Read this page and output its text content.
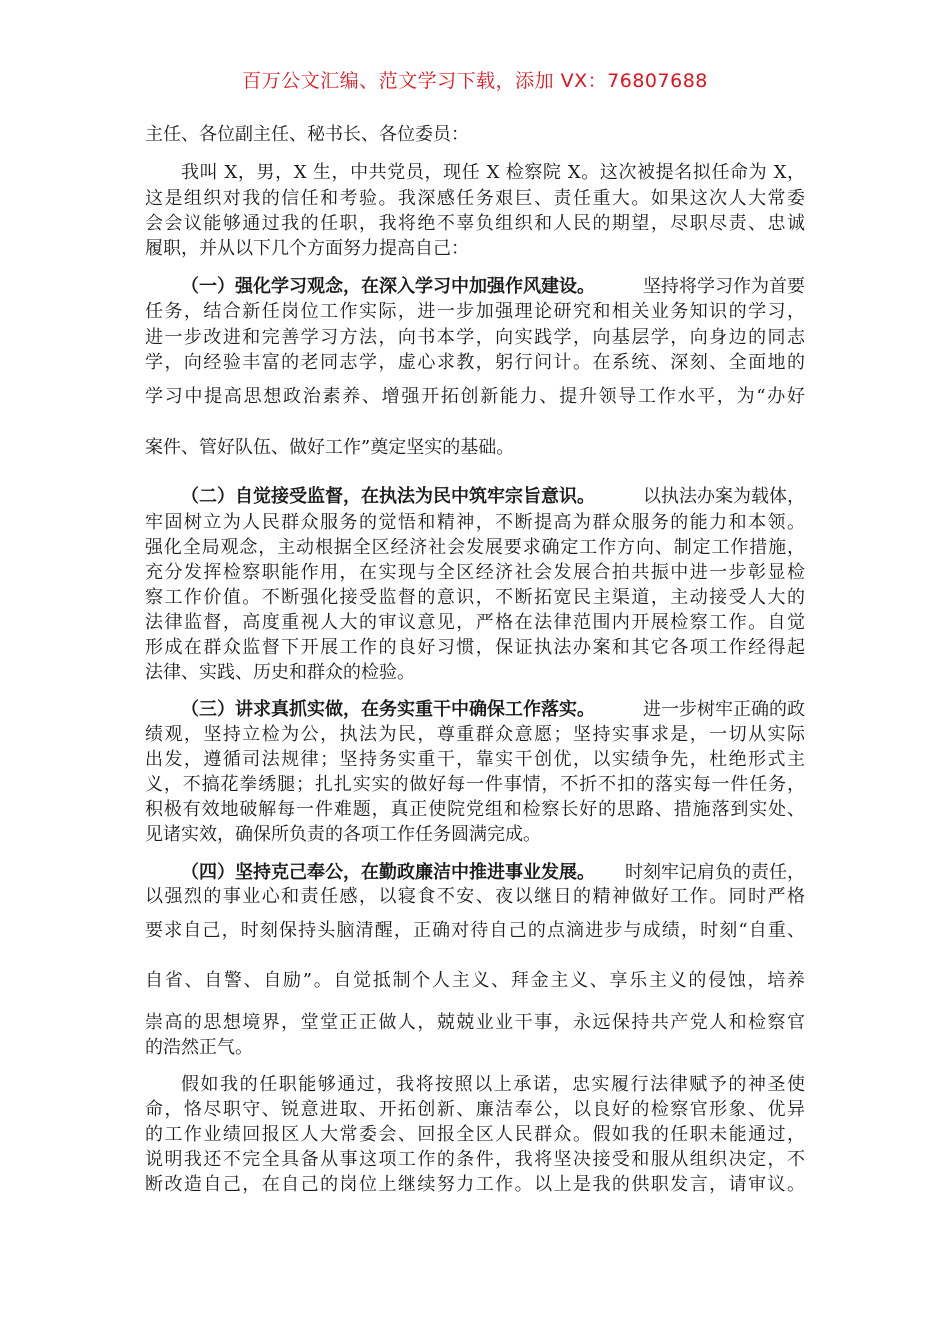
百万公文汇编、范文学习下载，添加 VX：76807688
主任、各位副主任、秘书长、各位委员：
我叫 X，男，X 生，中共党员，现任 X 检察院 X。这次被提名拟任命为 X，
这是组织对我的信任和考验。我深感任务艰巨、责任重大。如果这次人大常委
会会议能够通过我的任职，我将绝不辜负组织和人民的期望，尽职尽责、忠诚
履职，并从以下几个方面努力提高自己：
（一）强化学习观念，在深入学习中加强作风建设。	坚持将学习作为首要
任务，结合新任岗位工作实际，进一步加强理论研究和相关业务知识的学习，
进一步改进和完善学习方法，向书本学，向实践学，向基层学，向身边的同志
学，向经验丰富的老同志学，虚心求教，躬行问计。在系统、深刻、全面地的
学习中提高思想政治素养、增强开拓创新能力、提升领导工作水平，为“办好
案件、管好队伍、做好工作”奠定坚实的基础。
（二）自觉接受监督，在执法为民中筑牢宗旨意识。	以执法办案为载体，
牢固树立为人民群众服务的觉悟和精神，不断提高为群众服务的能力和本领。
强化全局观念，主动根据全区经济社会发展要求确定工作方向、制定工作措施，
充分发挥检察职能作用，在实现与全区经济社会发展合拍共振中进一步彰显检
察工作价值。不断强化接受监督的意识，不断拓宽民主渠道，主动接受人大的
法律监督，高度重视人大的审议意见，严格在法律范围内开展检察工作。自觉
形成在群众监督下开展工作的良好习惯，保证执法办案和其它各项工作经得起
法律、实践、历史和群众的检验。
（三）讲求真抓实做，在务实重干中确保工作落实。	进一步树牢正确的政
绩观，坚持立检为公，执法为民，尊重群众意愿；坚持实事求是，一切从实际
出发，遵循司法规律；坚持务实重干，靠实干创优，以实绩争先，杜绝形式主
义，不搞花拳绣腿；扎扎实实的做好每一件事情，不折不扣的落实每一件任务，
积极有效地破解每一件难题，真正使院党组和检察长好的思路、措施落到实处、
见诸实效，确保所负责的各项工作任务圆满完成。
（四）坚持克己奉公，在勤政廉洁中推进事业发展。 时刻牢记肩负的责任，
以强烈的事业心和责任感，以寝食不安、夜以继日的精神做好工作。同时严格
要求自己，时刻保持头脑清醒，正确对待自己的点滴进步与成绩，时刻“自重、
自省、自警、自励”。自觉抵制个人主义、拜金主义、享乐主义的侵蚀，培养
崇高的思想境界，堂堂正正做人，兢兢业业干事，永远保持共产党人和检察官
的浩然正气。
假如我的任职能够通过，我将按照以上承诺，忠实履行法律赋予的神圣使
命，恪尽职守、锐意进取、开拓创新、廉洁奉公，以良好的检察官形象、优异
的工作业绩回报区人大常委会、回报全区人民群众。假如我的任职未能通过，
说明我还不完全具备从事这项工作的条件，我将坚决接受和服从组织决定，不
断改造自己，在自己的岗位上继续努力工作。以上是我的供职发言，请审议。
